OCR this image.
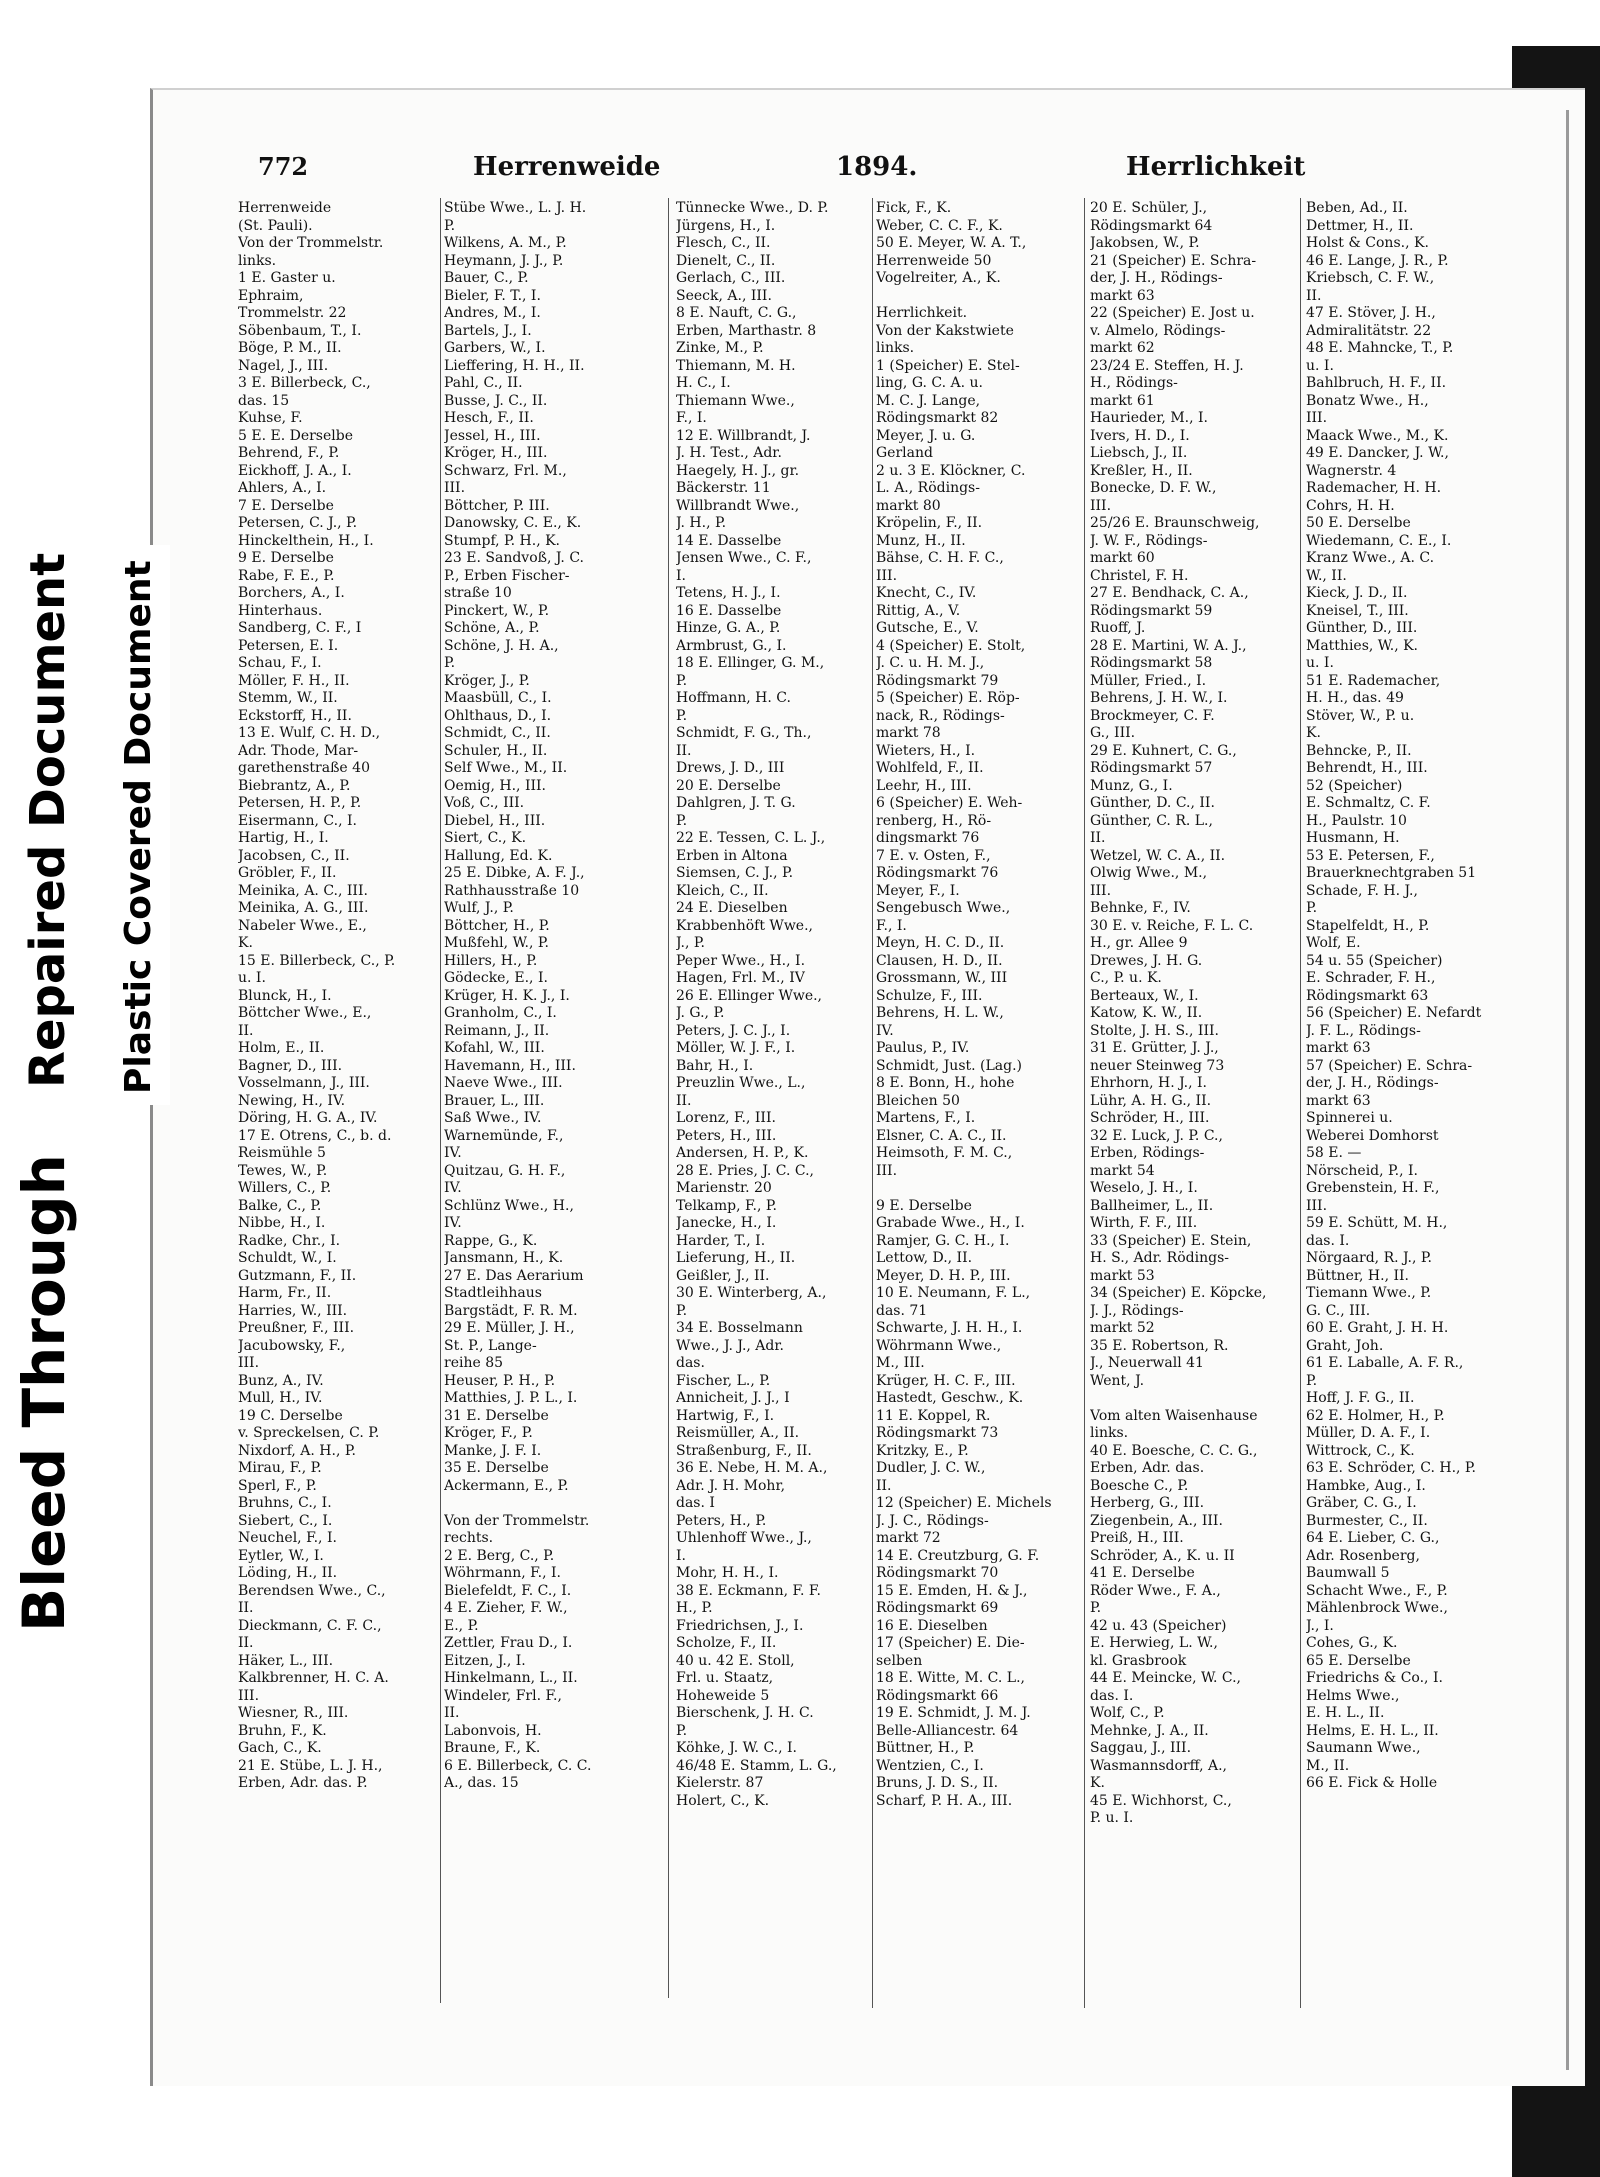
Bleed Through
Repaired Document Plastic Covered Document
772	Herrenweide	1894.	Herrlichkeit
Herrenweide
(St. Pauli).
Von der Trommelstr.
links.
1 E. Gaster u.
Ephraim,
Trommelstr. 22
Söbenbaum, T., I.
Böge, P. M., II.
Nagel, J., III.
3 E. Billerbeck, C.,
das. 15
Kuhse, F.
5 E. E. Derselbe
Behrend, F., P.
Eickhoff, J. A., I.
Ahlers, A., I.
7 E. Derselbe
Petersen, C. J., P.
Hinckelthein, H., I.
9 E. Derselbe
Rabe, F. E., P.
Borchers, A., I.
Hinterhaus.
Sandberg, C. F., I
Petersen, E. I.
Schau, F., I.
Möller, F. H., II.
Stemm, W., II.
Eckstorff, H., II.
13 E. Wulf, C. H. D.,
Adr. Thode, Mar-
garethenstraße 40
Biebrantz, A., P.
Petersen, H. P., P.
Eisermann, C., I.
Hartig, H., I.
Jacobsen, C., II.
Gröbler, F., II.
Meinika, A. C., III.
Meinika, A. G., III.
Nabeler Wwe., E.,
K.
15 E. Billerbeck, C., P.
u. I.
Blunck, H., I.
Böttcher Wwe., E.,
II.
Holm, E., II.
Bagner, D., III.
Vosselmann, J., III.
Newing, H., IV.
Döring, H. G. A., IV.
17 E. Otrens, C., b. d.
Reismühle 5
Tewes, W., P.
Willers, C., P.
Balke, C., P.
Nibbe, H., I.
Radke, Chr., I.
Schuldt, W., I.
Gutzmann, F., II.
Harm, Fr., II.
Harries, W., III.
Preußner, F., III.
Jacubowsky, F.,
III.
Bunz, A., IV.
Mull, H., IV.
19 C. Derselbe
v. Spreckelsen, C. P.
Nixdorf, A. H., P.
Mirau, F., P.
Sperl, F., P.
Bruhns, C., I.
Siebert, C., I.
Neuchel, F., I.
Eytler, W., I.
Löding, H., II.
Berendsen Wwe., C.,
II.
Dieckmann, C. F. C.,
II.
Häker, L., III.
Kalkbrenner, H. C. A.
III.
Wiesner, R., III.
Bruhn, F., K.
Gach, C., K.
21 E. Stübe, L. J. H.,
Erben, Adr. das. P.
Stübe Wwe., L. J. H.
P.
Wilkens, A. M., P.
Heymann, J. J., P.
Bauer, C., P.
Bieler, F. T., I.
Andres, M., I.
Bartels, J., I.
Garbers, W., I.
Lieffering, H. H., II.
Pahl, C., II.
Busse, J. C., II.
Hesch, F., II.
Jessel, H., III.
Kröger, H., III.
Schwarz, Frl. M.,
III.
Böttcher, P. III.
Danowsky, C. E., K.
Stumpf, P. H., K.
23 E. Sandvoß, J. C.
P., Erben Fischer-
straße 10
Pinckert, W., P.
Schöne, A., P.
Schöne, J. H. A.,
P.
Kröger, J., P.
Maasbüll, C., I.
Ohlthaus, D., I.
Schmidt, C., II.
Schuler, H., II.
Self Wwe., M., II.
Oemig, H., III.
Voß, C., III.
Diebel, H., III.
Siert, C., K.
Hallung, Ed. K.
25 E. Dibke, A. F. J.,
Rathhausstraße 10
Wulf, J., P.
Böttcher, H., P.
Mußfehl, W., P.
Hillers, H., P.
Gödecke, E., I.
Krüger, H. K. J., I.
Granholm, C., I.
Reimann, J., II.
Kofahl, W., III.
Havemann, H., III.
Naeve Wwe., III.
Brauer, L., III.
Saß Wwe., IV.
Warnemünde, F.,
IV.
Quitzau, G. H. F.,
IV.
Schlünz Wwe., H.,
IV.
Rappe, G., K.
Jansmann, H., K.
27 E. Das Aerarium
Stadtleihhaus
Bargstädt, F. R. M.
29 E. Müller, J. H.,
St. P., Lange-
reihe 85
Heuser, P. H., P.
Matthies, J. P. L., I.
31 E. Derselbe
Kröger, F., P.
Manke, J. F. I.
35 E. Derselbe
Ackermann, E., P.

Von der Trommelstr.
rechts.
2 E. Berg, C., P.
Wöhrmann, F., I.
Bielefeldt, F. C., I.
4 E. Zieher, F. W.,
E., P.
Zettler, Frau D., I.
Eitzen, J., I.
Hinkelmann, L., II.
Windeler, Frl. F.,
II.
Labonvois, H.
Braune, F., K.
6 E. Billerbeck, C. C.
A., das. 15
Tünnecke Wwe., D. P.
Jürgens, H., I.
Flesch, C., II.
Dienelt, C., II.
Gerlach, C., III.
Seeck, A., III.
8 E. Nauft, C. G.,
Erben, Marthastr. 8
Zinke, M., P.
Thiemann, M. H.
H. C., I.
Thiemann Wwe.,
F., I.
12 E. Willbrandt, J.
J. H. Test., Adr.
Haegely, H. J., gr.
Bäckerstr. 11
Willbrandt Wwe.,
J. H., P.
14 E. Dasselbe
Jensen Wwe., C. F.,
I.
Tetens, H. J., I.
16 E. Dasselbe
Hinze, G. A., P.
Armbrust, G., I.
18 E. Ellinger, G. M.,
P.
Hoffmann, H. C.
P.
Schmidt, F. G., Th.,
II.
Drews, J. D., III
20 E. Derselbe
Dahlgren, J. T. G.
P.
22 E. Tessen, C. L. J.,
Erben in Altona
Siemsen, C. J., P.
Kleich, C., II.
24 E. Dieselben
Krabbenhöft Wwe.,
J., P.
Peper Wwe., H., I.
Hagen, Frl. M., IV
26 E. Ellinger Wwe.,
J. G., P.
Peters, J. C. J., I.
Möller, W. J. F., I.
Bahr, H., I.
Preuzlin Wwe., L.,
II.
Lorenz, F., III.
Peters, H., III.
Andersen, H. P., K.
28 E. Pries, J. C. C.,
Marienstr. 20
Telkamp, F., P.
Janecke, H., I.
Harder, T., I.
Lieferung, H., II.
Geißler, J., II.
30 E. Winterberg, A.,
P.
34 E. Bosselmann
Wwe., J. J., Adr.
das.
Fischer, L., P.
Annicheit, J. J., I
Hartwig, F., I.
Reismüller, A., II.
Straßenburg, F., II.
36 E. Nebe, H. M. A.,
Adr. J. H. Mohr,
das. I
Peters, H., P.
Uhlenhoff Wwe., J.,
I.
Mohr, H. H., I.
38 E. Eckmann, F. F.
H., P.
Friedrichsen, J., I.
Scholze, F., II.
40 u. 42 E. Stoll,
Frl. u. Staatz,
Hoheweide 5
Bierschenk, J. H. C.
P.
Köhke, J. W. C., I.
46/48 E. Stamm, L. G.,
Kielerstr. 87
Holert, C., K.
Fick, F., K.
Weber, C. C. F., K.
50 E. Meyer, W. A. T.,
Herrenweide 50
Vogelreiter, A., K.

Herrlichkeit.
Von der Kakstwiete
links.
1 (Speicher) E. Stel-
ling, G. C. A. u.
M. C. J. Lange,
Rödingsmarkt 82
Meyer, J. u. G.
Gerland
2 u. 3 E. Klöckner, C.
L. A., Rödings-
markt 80
Kröpelin, F., II.
Munz, H., II.
Bähse, C. H. F. C.,
III.
Knecht, C., IV.
Rittig, A., V.
Gutsche, E., V.
4 (Speicher) E. Stolt,
J. C. u. H. M. J.,
Rödingsmarkt 79
5 (Speicher) E. Röp-
nack, R., Rödings-
markt 78
Wieters, H., I.
Wohlfeld, F., II.
Leehr, H., III.
6 (Speicher) E. Weh-
renberg, H., Rö-
dingsmarkt 76
7 E. v. Osten, F.,
Rödingsmarkt 76
Meyer, F., I.
Sengebusch Wwe.,
F., I.
Meyn, H. C. D., II.
Clausen, H. D., II.
Grossmann, W., III
Schulze, F., III.
Behrens, H. L. W.,
IV.
Paulus, P., IV.
Schmidt, Just. (Lag.)
8 E. Bonn, H., hohe
Bleichen 50
Martens, F., I.
Elsner, C. A. C., II.
Heimsoth, F. M. C.,
III.

9 E. Derselbe
Grabade Wwe., H., I.
Ramjer, G. C. H., I.
Lettow, D., II.
Meyer, D. H. P., III.
10 E. Neumann, F. L.,
das. 71
Schwarte, J. H. H., I.
Wöhrmann Wwe.,
M., III.
Krüger, H. C. F., III.
Hastedt, Geschw., K.
11 E. Koppel, R.
Rödingsmarkt 73
Kritzky, E., P.
Dudler, J. C. W.,
II.
12 (Speicher) E. Michels
J. J. C., Rödings-
markt 72
14 E. Creutzburg, G. F.
Rödingsmarkt 70
15 E. Emden, H. & J.,
Rödingsmarkt 69
16 E. Dieselben
17 (Speicher) E. Die-
selben
18 E. Witte, M. C. L.,
Rödingsmarkt 66
19 E. Schmidt, J. M. J.
Belle-Alliancestr. 64
Büttner, H., P.
Wentzien, C., I.
Bruns, J. D. S., II.
Scharf, P. H. A., III.
20 E. Schüler, J.,
Rödingsmarkt 64
Jakobsen, W., P.
21 (Speicher) E. Schra-
der, J. H., Rödings-
markt 63
22 (Speicher) E. Jost u.
v. Almelo, Rödings-
markt 62
23/24 E. Steffen, H. J.
H., Rödings-
markt 61
Haurieder, M., I.
Ivers, H. D., I.
Liebsch, J., II.
Kreßler, H., II.
Bonecke, D. F. W.,
III.
25/26 E. Braunschweig,
J. W. F., Rödings-
markt 60
Christel, F. H.
27 E. Bendhack, C. A.,
Rödingsmarkt 59
Ruoff, J.
28 E. Martini, W. A. J.,
Rödingsmarkt 58
Müller, Fried., I.
Behrens, J. H. W., I.
Brockmeyer, C. F.
G., III.
29 E. Kuhnert, C. G.,
Rödingsmarkt 57
Munz, G., I.
Günther, D. C., II.
Günther, C. R. L.,
II.
Wetzel, W. C. A., II.
Olwig Wwe., M.,
III.
Behnke, F., IV.
30 E. v. Reiche, F. L. C.
H., gr. Allee 9
Drewes, J. H. G.
C., P. u. K.
Berteaux, W., I.
Katow, K. W., II.
Stolte, J. H. S., III.
31 E. Grütter, J. J.,
neuer Steinweg 73
Ehrhorn, H. J., I.
Lühr, A. H. G., II.
Schröder, H., III.
32 E. Luck, J. P. C.,
Erben, Rödings-
markt 54
Weselo, J. H., I.
Ballheimer, L., II.
Wirth, F. F., III.
33 (Speicher) E. Stein,
H. S., Adr. Rödings-
markt 53
34 (Speicher) E. Köpcke,
J. J., Rödings-
markt 52
35 E. Robertson, R.
J., Neuerwall 41
Went, J.

Vom alten Waisenhause
links.
40 E. Boesche, C. C. G.,
Erben, Adr. das.
Boesche C., P.
Herberg, G., III.
Ziegenbein, A., III.
Preiß, H., III.
Schröder, A., K. u. II
41 E. Derselbe
Röder Wwe., F. A.,
P.
42 u. 43 (Speicher)
E. Herwieg, L. W.,
kl. Grasbrook
44 E. Meincke, W. C.,
das. I.
Wolf, C., P.
Mehnke, J. A., II.
Saggau, J., III.
Wasmannsdorff, A.,
K.
45 E. Wichhorst, C.,
P. u. I.
Beben, Ad., II.
Dettmer, H., II.
Holst & Cons., K.
46 E. Lange, J. R., P.
Kriebsch, C. F. W.,
II.
47 E. Stöver, J. H.,
Admiralitätstr. 22
48 E. Mahncke, T., P.
u. I.
Bahlbruch, H. F., II.
Bonatz Wwe., H.,
III.
Maack Wwe., M., K.
49 E. Dancker, J. W.,
Wagnerstr. 4
Rademacher, H. H.
Cohrs, H. H.
50 E. Derselbe
Wiedemann, C. E., I.
Kranz Wwe., A. C.
W., II.
Kieck, J. D., II.
Kneisel, T., III.
Günther, D., III.
Matthies, W., K.
u. I.
51 E. Rademacher,
H. H., das. 49
Stöver, W., P. u.
K.
Behncke, P., II.
Behrendt, H., III.
52 (Speicher)
E. Schmaltz, C. F.
H., Paulstr. 10
Husmann, H.
53 E. Petersen, F.,
Brauerknechtgraben 51
Schade, F. H. J.,
P.
Stapelfeldt, H., P.
Wolf, E.
54 u. 55 (Speicher)
E. Schrader, F. H.,
Rödingsmarkt 63
56 (Speicher) E. Nefardt
J. F. L., Rödings-
markt 63
57 (Speicher) E. Schra-
der, J. H., Rödings-
markt 63
Spinnerei u.
Weberei Domhorst
58 E. —
Nörscheid, P., I.
Grebenstein, H. F.,
III.
59 E. Schütt, M. H.,
das. I.
Nörgaard, R. J., P.
Büttner, H., II.
Tiemann Wwe., P.
G. C., III.
60 E. Graht, J. H. H.
Graht, Joh.
61 E. Laballe, A. F. R.,
P.
Hoff, J. F. G., II.
62 E. Holmer, H., P.
Müller, D. A. F., I.
Wittrock, C., K.
63 E. Schröder, C. H., P.
Hambke, Aug., I.
Gräber, C. G., I.
Burmester, C., II.
64 E. Lieber, C. G.,
Adr. Rosenberg,
Baumwall 5
Schacht Wwe., F., P.
Mählenbrock Wwe.,
J., I.
Cohes, G., K.
65 E. Derselbe
Friedrichs & Co., I.
Helms Wwe.,
E. H. L., II.
Helms, E. H. L., II.
Saumann Wwe.,
M., II.
66 E. Fick & Holle
